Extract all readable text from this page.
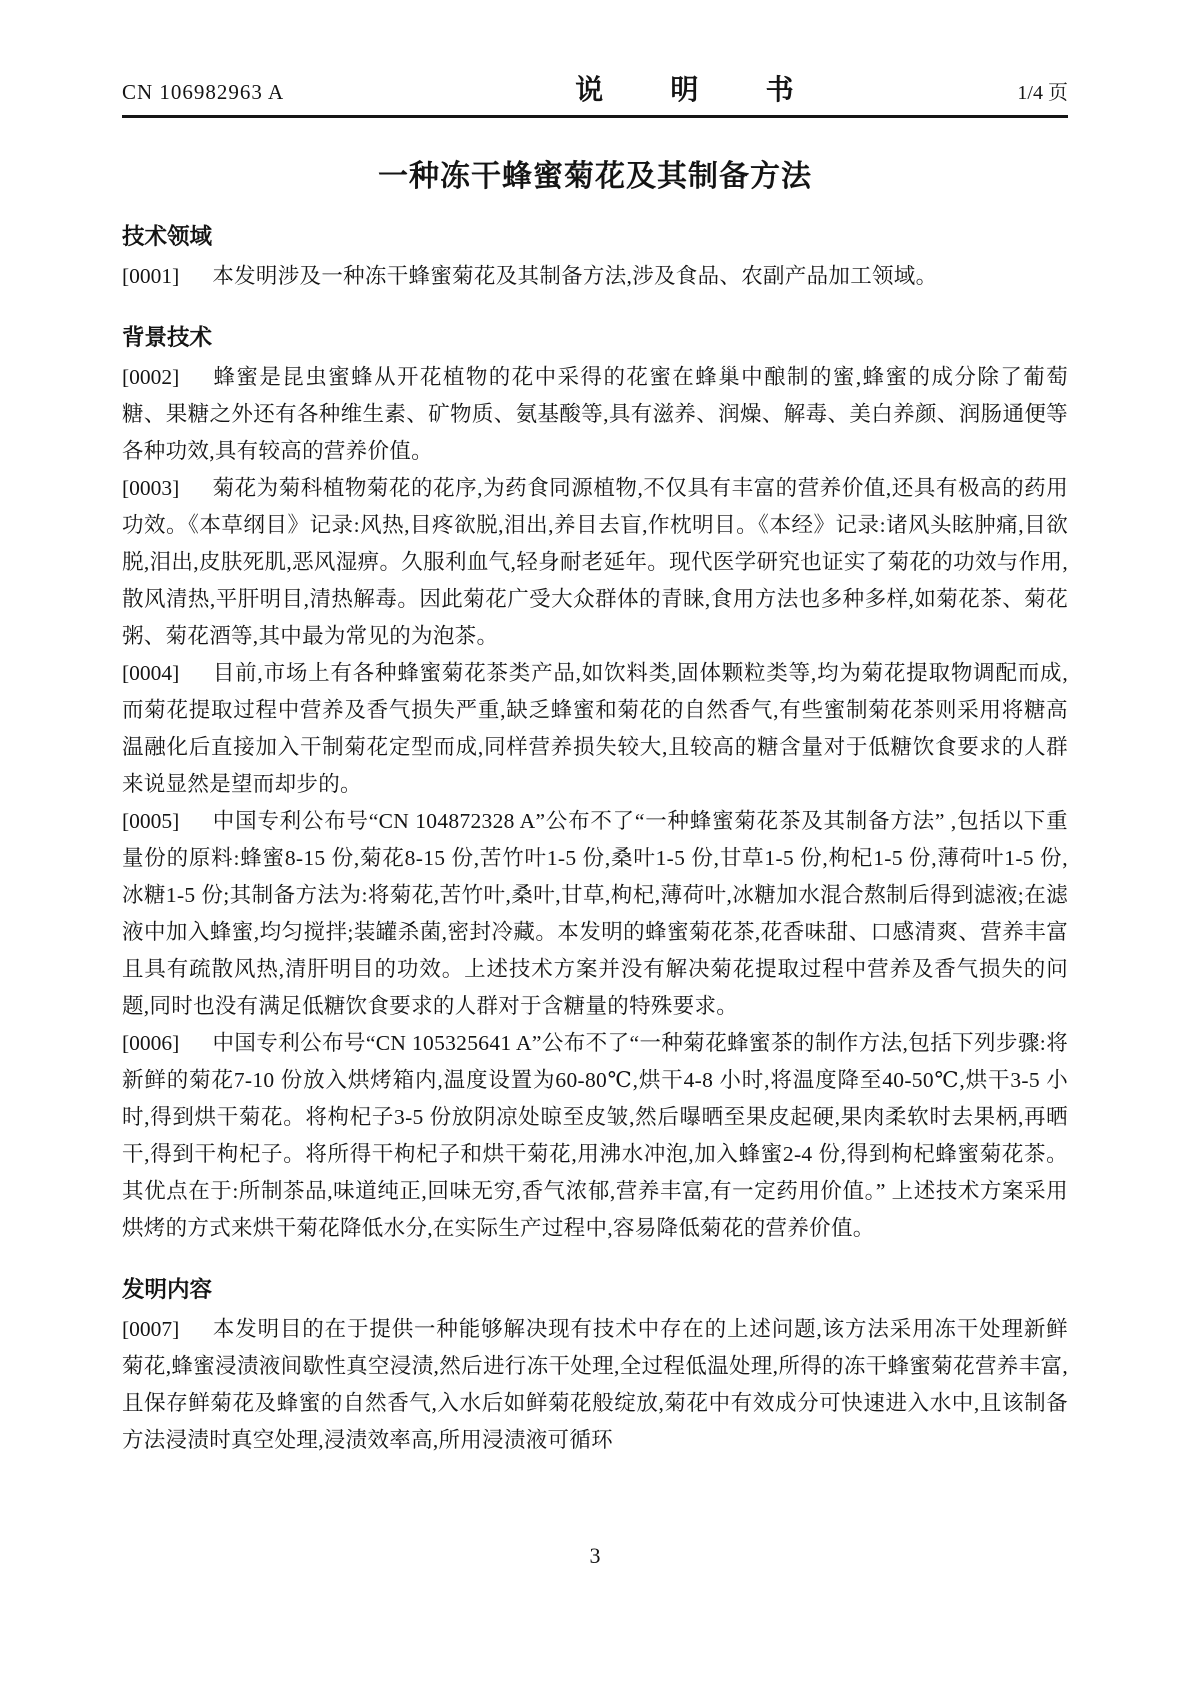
CN 106982963 A	说明书	1/4 页
一种冻干蜂蜜菊花及其制备方法
技术领域

[0001] 本发明涉及一种冻干蜂蜜菊花及其制备方法,涉及食品、农副产品加工领域。

背景技术

[0002] 蜂蜜是昆虫蜜蜂从开花植物的花中采得的花蜜在蜂巢中酿制的蜜,蜂蜜的成分除了葡萄糖、果糖之外还有各种维生素、矿物质、氨基酸等,具有滋养、润燥、解毒、美白养颜、润肠通便等各种功效,具有较高的营养价值。

[0003] 菊花为菊科植物菊花的花序,为药食同源植物,不仅具有丰富的营养价值,还具有极高的药用功效。《本草纲目》记录:风热,目疼欲脱,泪出,养目去盲,作枕明目。《本经》记录:诸风头眩肿痛,目欲脱,泪出,皮肤死肌,恶风湿痹。久服利血气,轻身耐老延年。现代医学研究也证实了菊花的功效与作用,散风清热,平肝明目,清热解毒。因此菊花广受大众群体的青睐,食用方法也多种多样,如菊花茶、菊花粥、菊花酒等,其中最为常见的为泡茶。

[0004] 目前,市场上有各种蜂蜜菊花茶类产品,如饮料类,固体颗粒类等,均为菊花提取物调配而成,而菊花提取过程中营养及香气损失严重,缺乏蜂蜜和菊花的自然香气,有些蜜制菊花茶则采用将糖高温融化后直接加入干制菊花定型而成,同样营养损失较大,且较高的糖含量对于低糖饮食要求的人群来说显然是望而却步的。

[0005] 中国专利公布号“CN 104872328 A”公布不了“一种蜂蜜菊花茶及其制备方法” ,包括以下重量份的原料:蜂蜜8-15 份,菊花8-15 份,苦竹叶1-5 份,桑叶1-5 份,甘草1-5 份,枸杞1-5 份,薄荷叶1-5 份,冰糖1-5 份;其制备方法为:将菊花,苦竹叶,桑叶,甘草,枸杞,薄荷叶,冰糖加水混合熬制后得到滤液;在滤液中加入蜂蜜,均匀搅拌;装罐杀菌,密封冷藏。本发明的蜂蜜菊花茶,花香味甜、口感清爽、营养丰富且具有疏散风热,清肝明目的功效。上述技术方案并没有解决菊花提取过程中营养及香气损失的问题,同时也没有满足低糖饮食要求的人群对于含糖量的特殊要求。

[0006] 中国专利公布号“CN 105325641 A”公布不了“一种菊花蜂蜜茶的制作方法,包括下列步骤:将新鲜的菊花7-10 份放入烘烤箱内,温度设置为60-80℃,烘干4-8 小时,将温度降至40-50℃,烘干3-5 小时,得到烘干菊花。将枸杞子3-5 份放阴凉处晾至皮皱,然后曝晒至果皮起硬,果肉柔软时去果柄,再晒干,得到干枸杞子。将所得干枸杞子和烘干菊花,用沸水冲泡,加入蜂蜜2-4 份,得到枸杞蜂蜜菊花茶。其优点在于:所制茶品,味道纯正,回味无穷,香气浓郁,营养丰富,有一定药用价值。” 上述技术方案采用烘烤的方式来烘干菊花降低水分,在实际生产过程中,容易降低菊花的营养价值。

发明内容

[0007] 本发明目的在于提供一种能够解决现有技术中存在的上述问题,该方法采用冻干处理新鲜菊花,蜂蜜浸渍液间歇性真空浸渍,然后进行冻干处理,全过程低温处理,所得的冻干蜂蜜菊花营养丰富,且保存鲜菊花及蜂蜜的自然香气,入水后如鲜菊花般绽放,菊花中有效成分可快速进入水中,且该制备方法浸渍时真空处理,浸渍效率高,所用浸渍液可循环

3
